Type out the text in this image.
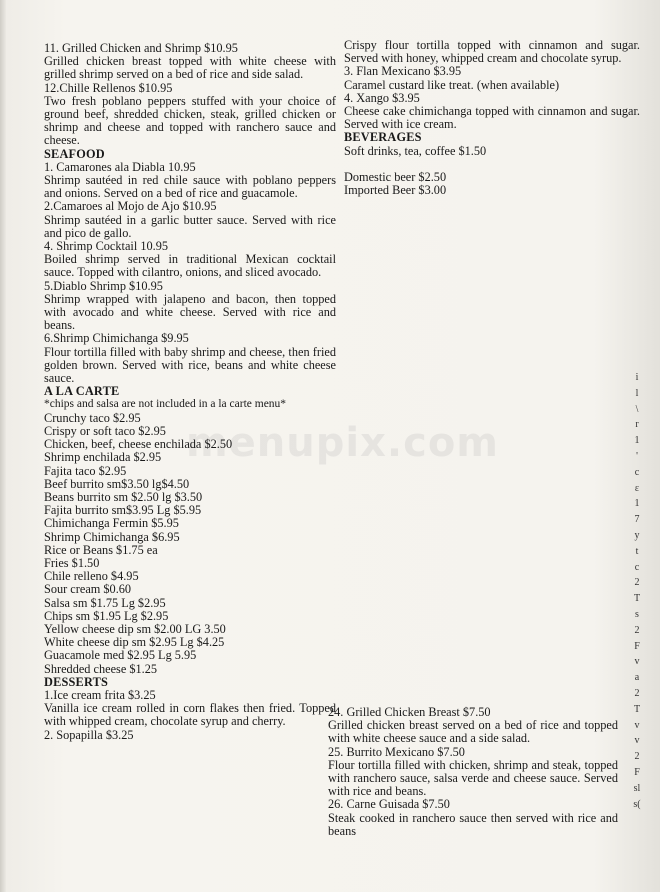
menupix.com
11. Grilled Chicken and Shrimp $10.95
Grilled chicken breast topped with white cheese with grilled shrimp served on a bed of rice and side salad.
12.Chille Rellenos $10.95
Two fresh poblano peppers stuffed with your choice of ground beef, shredded chicken, steak, grilled chicken or shrimp and cheese and topped with ranchero sauce and cheese.
SEAFOOD
1. Camarones ala Diabla 10.95
Shrimp sautéed in red chile sauce with poblano peppers and onions. Served on a bed of rice and guacamole.
2.Camaroes al Mojo de Ajo $10.95
Shrimp sautéed in a garlic butter sauce. Served with rice and pico de gallo.
4. Shrimp Cocktail 10.95
Boiled shrimp served in traditional Mexican cocktail sauce. Topped with cilantro, onions, and sliced avocado.
5.Diablo Shrimp $10.95
Shrimp wrapped with jalapeno and bacon, then topped with avocado and white cheese. Served with rice and beans.
6.Shrimp Chimichanga $9.95
Flour tortilla filled with baby shrimp and cheese, then fried golden brown. Served with rice, beans and white cheese sauce.
A LA CARTE
*chips and salsa are not included in a la carte menu*
Crunchy taco $2.95
Crispy or soft taco $2.95
Chicken, beef, cheese enchilada $2.50
Shrimp enchilada $2.95
Fajita taco $2.95
Beef burrito sm$3.50 lg$4.50
Beans burrito sm $2.50 lg $3.50
Fajita burrito sm$3.95 Lg $5.95
Chimichanga Fermin $5.95
Shrimp Chimichanga $6.95
Rice or Beans $1.75 ea
Fries $1.50
Chile relleno $4.95
Sour cream $0.60
Salsa sm $1.75 Lg $2.95
Chips sm $1.95 Lg $2.95
Yellow cheese dip sm $2.00 LG 3.50
White cheese dip sm $2.95 Lg $4.25
Guacamole med $2.95 Lg 5.95
Shredded cheese $1.25
DESSERTS
1.Ice cream frita $3.25
Vanilla ice cream rolled in corn flakes then fried. Topped with whipped cream, chocolate syrup and cherry.
2. Sopapilla $3.25
Crispy flour tortilla topped with cinnamon and sugar. Served with honey, whipped cream and chocolate syrup.
3. Flan Mexicano $3.95
Caramel custard like treat. (when available)
4. Xango $3.95
Cheese cake chimichanga topped with cinnamon and sugar. Served with ice cream.
BEVERAGES
Soft drinks, tea, coffee $1.50
Domestic beer $2.50
Imported Beer $3.00
24. Grilled Chicken Breast $7.50
Grilled chicken breast served on a bed of rice and topped with white cheese sauce and a side salad.
25. Burrito Mexicano $7.50
Flour tortilla filled with chicken, shrimp and steak, topped with ranchero sauce, salsa verde and cheese sauce. Served with rice and beans.
26. Carne Guisada $7.50
Steak cooked in ranchero sauce then served with rice and beans
i
l
\
r
1
'
c
ε
1
7
y
t
c
2
T
s
2
F
v
a
2
T
v
v
2
F
sl
s(
